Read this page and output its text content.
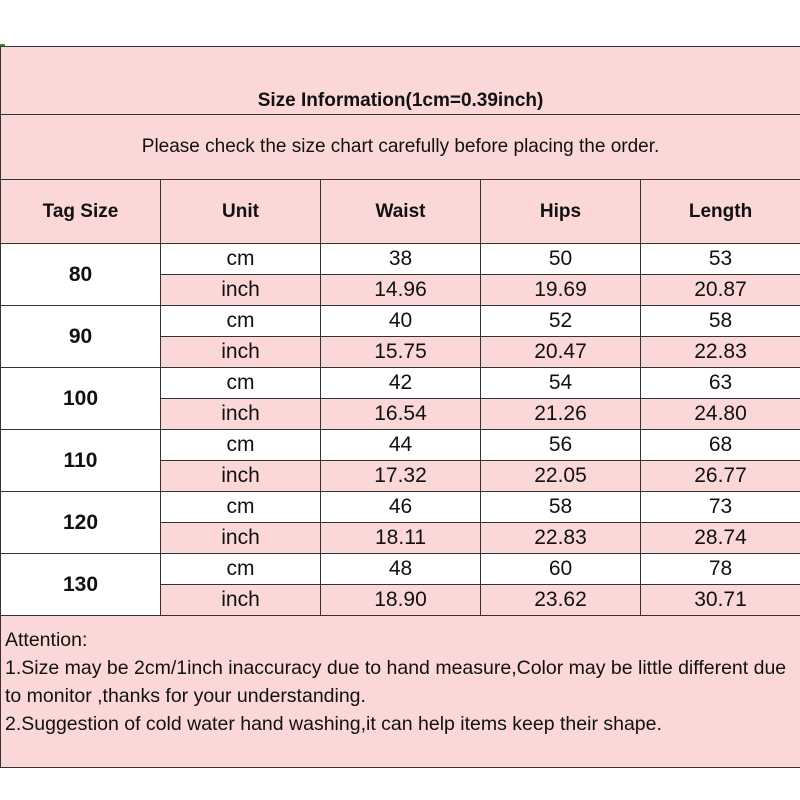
Size Information(1cm=0.39inch)				
Please check the size chart carefully before placing the order.				
Tag Size	Unit	Waist	Hips	Length
80	cm	38	50	53
	inch	14.96	19.69	20.87
90	cm	40	52	58
	inch	15.75	20.47	22.83
100	cm	42	54	63
	inch	16.54	21.26	24.80
110	cm	44	56	68
	inch	17.32	22.05	26.77
120	cm	46	58	73
	inch	18.11	22.83	28.74
130	cm	48	60	78
	inch	18.90	23.62	30.71

Attention:
1.Size may be 2cm/1inch inaccuracy due to hand measure,Color may be little different due to monitor ,thanks for your understanding.
2.Suggestion of cold water hand washing,it can help items keep their shape.				
